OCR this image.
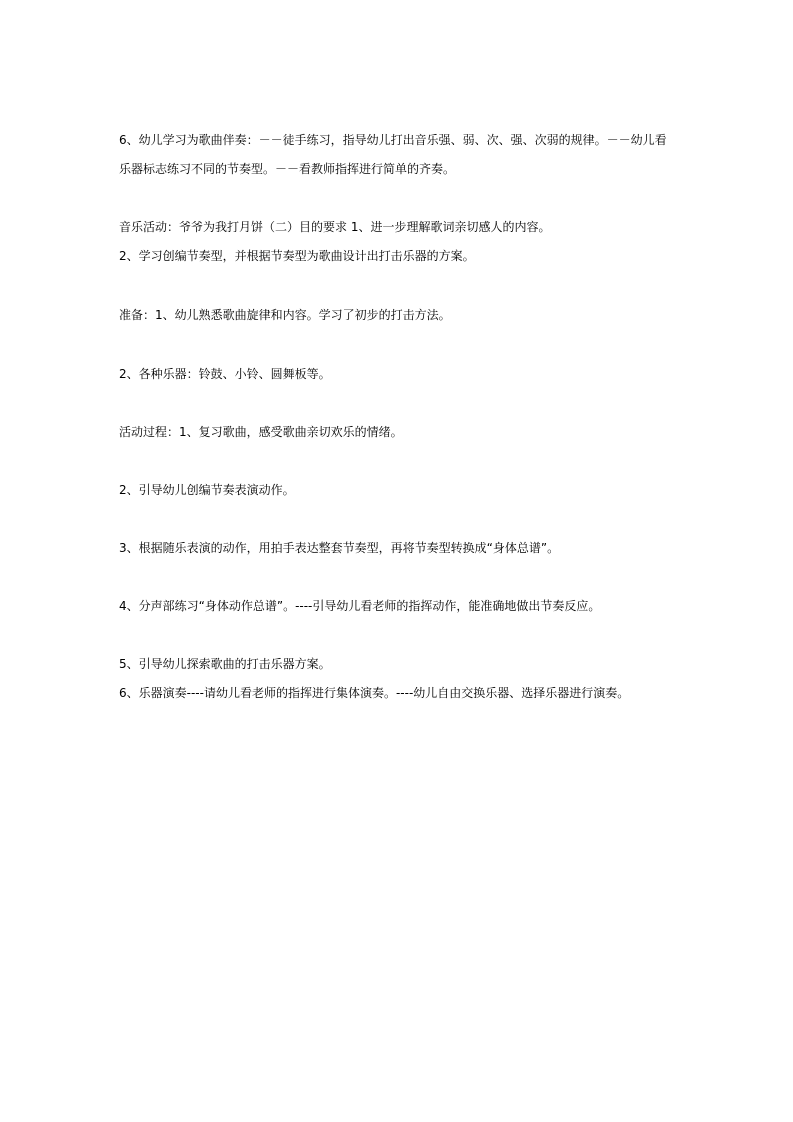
6、幼儿学习为歌曲伴奏：－－徒手练习，指导幼儿打出音乐强、弱、次、强、次弱的规律。－－幼儿看
乐器标志练习不同的节奏型。－－看教师指挥进行简单的齐奏。
音乐活动：爷爷为我打月饼（二）目的要求 1、进一步理解歌词亲切感人的内容。
2、学习创编节奏型，并根据节奏型为歌曲设计出打击乐器的方案。
准备：1、幼儿熟悉歌曲旋律和内容。学习了初步的打击方法。
2、各种乐器：铃鼓、小铃、圆舞板等。
活动过程：1、复习歌曲，感受歌曲亲切欢乐的情绪。
2、引导幼儿创编节奏表演动作。
3、根据随乐表演的动作，用拍手表达整套节奏型，再将节奏型转换成“身体总谱”。
4、分声部练习“身体动作总谱”。----引导幼儿看老师的指挥动作，能准确地做出节奏反应。
5、引导幼儿探索歌曲的打击乐器方案。
6、乐器演奏----请幼儿看老师的指挥进行集体演奏。----幼儿自由交换乐器、选择乐器进行演奏。
